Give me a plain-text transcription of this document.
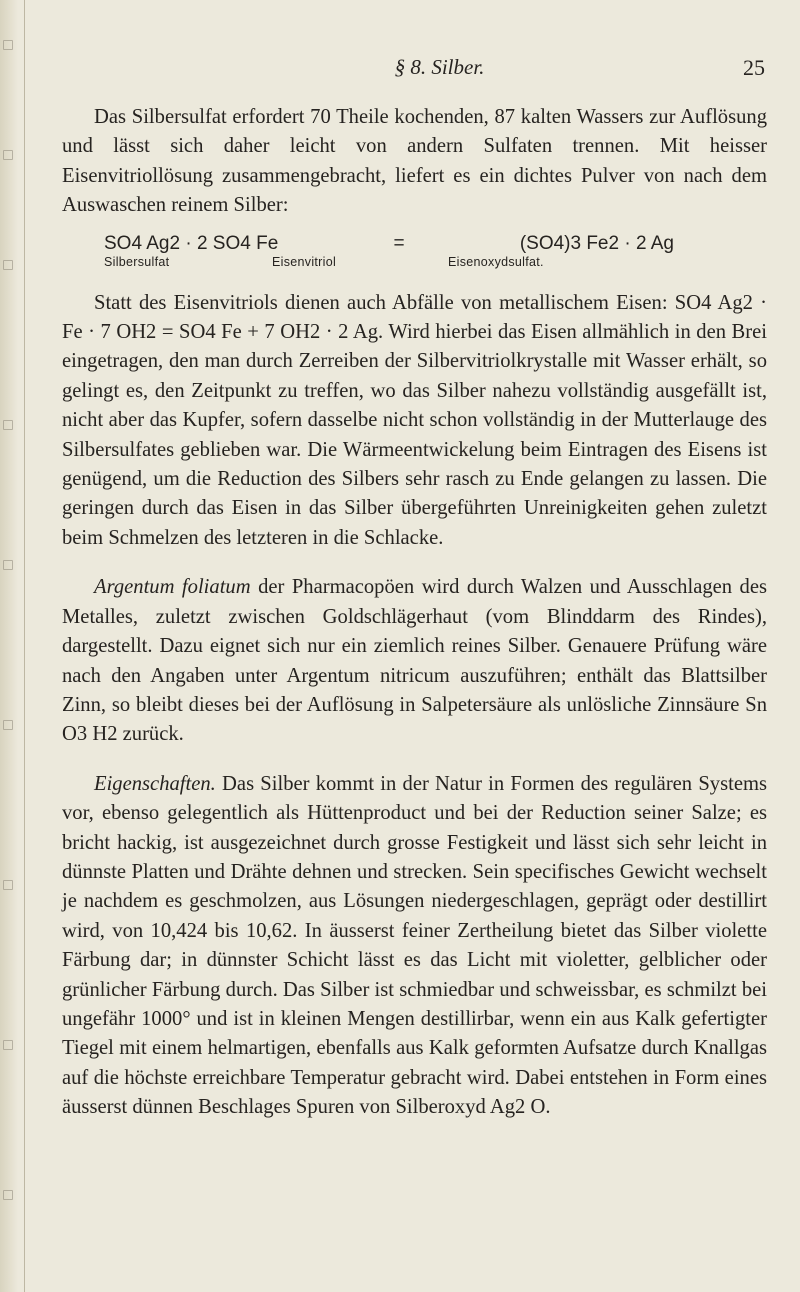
§ 8. Silber.	25

Das Silbersulfat erfordert 70 Theile kochenden, 87 kalten Wassers zur Auflösung und lässt sich daher leicht von andern Sulfaten trennen. Mit heisser Eisenvitriollösung zusammengebracht, liefert es ein dichtes Pulver von nach dem Auswaschen reinem Silber:

SO4 Ag2 · 2 SO4 Fe	=	(SO4)3 Fe2 · 2 Ag
Silbersulfat	Eisenvitriol	Eisenoxydsulfat.

Statt des Eisenvitriols dienen auch Abfälle von metallischem Eisen: SO4 Ag2 · Fe · 7 OH2 = SO4 Fe + 7 OH2 · 2 Ag. Wird hierbei das Eisen allmählich in den Brei eingetragen, den man durch Zerreiben der Silbervitriolkrystalle mit Wasser erhält, so gelingt es, den Zeitpunkt zu treffen, wo das Silber nahezu vollständig ausgefällt ist, nicht aber das Kupfer, sofern dasselbe nicht schon vollständig in der Mutterlauge des Silbersulfates geblieben war. Die Wärmeentwickelung beim Eintragen des Eisens ist genügend, um die Reduction des Silbers sehr rasch zu Ende gelangen zu lassen. Die geringen durch das Eisen in das Silber übergeführten Unreinigkeiten gehen zuletzt beim Schmelzen des letzteren in die Schlacke.

Argentum foliatum der Pharmacopöen wird durch Walzen und Ausschlagen des Metalles, zuletzt zwischen Goldschlägerhaut (vom Blinddarm des Rindes), dargestellt. Dazu eignet sich nur ein ziemlich reines Silber. Genauere Prüfung wäre nach den Angaben unter Argentum nitricum auszuführen; enthält das Blattsilber Zinn, so bleibt dieses bei der Auflösung in Salpetersäure als unlösliche Zinnsäure Sn O3 H2 zurück.

Eigenschaften. Das Silber kommt in der Natur in Formen des regulären Systems vor, ebenso gelegentlich als Hüttenproduct und bei der Reduction seiner Salze; es bricht hackig, ist ausgezeichnet durch grosse Festigkeit und lässt sich sehr leicht in dünnste Platten und Drähte dehnen und strecken. Sein specifisches Gewicht wechselt je nachdem es geschmolzen, aus Lösungen niedergeschlagen, geprägt oder destillirt wird, von 10,424 bis 10,62. In äusserst feiner Zertheilung bietet das Silber violette Färbung dar; in dünnster Schicht lässt es das Licht mit violetter, gelblicher oder grünlicher Färbung durch. Das Silber ist schmiedbar und schweissbar, es schmilzt bei ungefähr 1000° und ist in kleinen Mengen destillirbar, wenn ein aus Kalk gefertigter Tiegel mit einem helmartigen, ebenfalls aus Kalk geformten Aufsatze durch Knallgas auf die höchste erreichbare Temperatur gebracht wird. Dabei entstehen in Form eines äusserst dünnen Beschlages Spuren von Silberoxyd Ag2 O.
